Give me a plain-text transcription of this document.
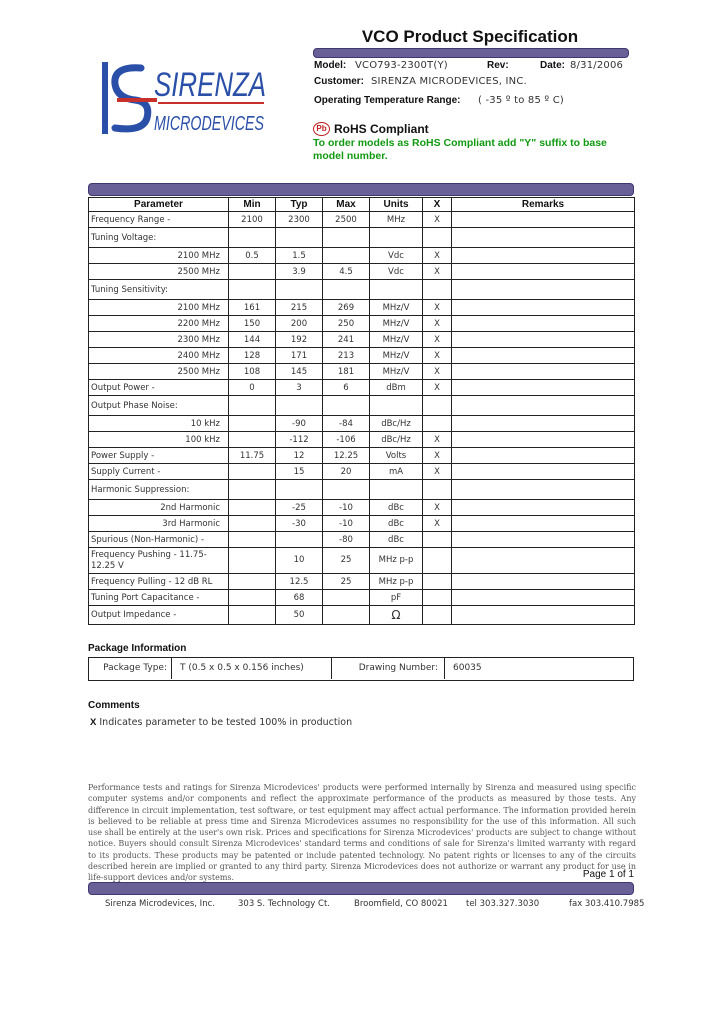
VCO Product Specification
Model: VCO793-2300T(Y)	Rev:	Date: 8/31/2006
Customer: SIRENZA MICRODEVICES, INC.
Operating Temperature Range: ( -35 º to 85 º C)
SIRENZA
MICRODEVICES	Pb RoHS Compliant
To order models as RoHS Compliant add "Y" suffix to base model number.
Parameter	Min	Typ	Max	Units	X	Remarks
Frequency Range -	2100	2300	2500	MHz	X	
Tuning Voltage:						
2100 MHz	0.5	1.5		Vdc	X	
2500 MHz		3.9	4.5	Vdc	X	
Tuning Sensitivity:						
2100 MHz	161	215	269	MHz/V	X	
2200 MHz	150	200	250	MHz/V	X	
2300 MHz	144	192	241	MHz/V	X	
2400 MHz	128	171	213	MHz/V	X	
2500 MHz	108	145	181	MHz/V	X	
Output Power -	0	3	6	dBm	X	
Output Phase Noise:						
10 kHz		-90	-84	dBc/Hz		
100 kHz		-112	-106	dBc/Hz	X	
Power Supply -	11.75	12	12.25	Volts	X	
Supply Current -		15	20	mA	X	
Harmonic Suppression:						
2nd Harmonic		-25	-10	dBc	X	
3rd Harmonic		-30	-10	dBc	X	
Spurious (Non-Harmonic) -			-80	dBc		
Frequency Pushing - 11.75-12.25 V		10	25	MHz p-p		
Frequency Pulling - 12 dB RL		12.5	25	MHz p-p		
Tuning Port Capacitance -		68		pF		
Output Impedance -		50		Ω		
Package Information
Package Type:	T (0.5 x 0.5 x 0.156 inches)	Drawing Number:	60035
Comments
X Indicates parameter to be tested 100% in production
Performance tests and ratings for Sirenza Microdevices' products were performed internally by Sirenza and measured using specific computer systems and/or components and reflect the approximate performance of the products as measured by those tests. Any difference in circuit implementation, test software, or test equipment may affect actual performance. The information provided herein is believed to be reliable at press time and Sirenza Microdevices assumes no responsibility for the use of this information. All such use shall be entirely at the user's own risk. Prices and specifications for Sirenza Microdevices' products are subject to change without notice. Buyers should consult Sirenza Microdevices' standard terms and conditions of sale for Sirenza's limited warranty with regard to its products. These products may be patented or include patented technology. No patent rights or licenses to any of the circuits described herein are implied or granted to any third party. Sirenza Microdevices does not authorize or warrant any product for use in life-support devices and/or systems.	Page 1 of 1
Sirenza Microdevices, Inc.	303 S. Technology Ct.	Broomfield, CO 80021 tel 303.327.3030	fax 303.410.7985
